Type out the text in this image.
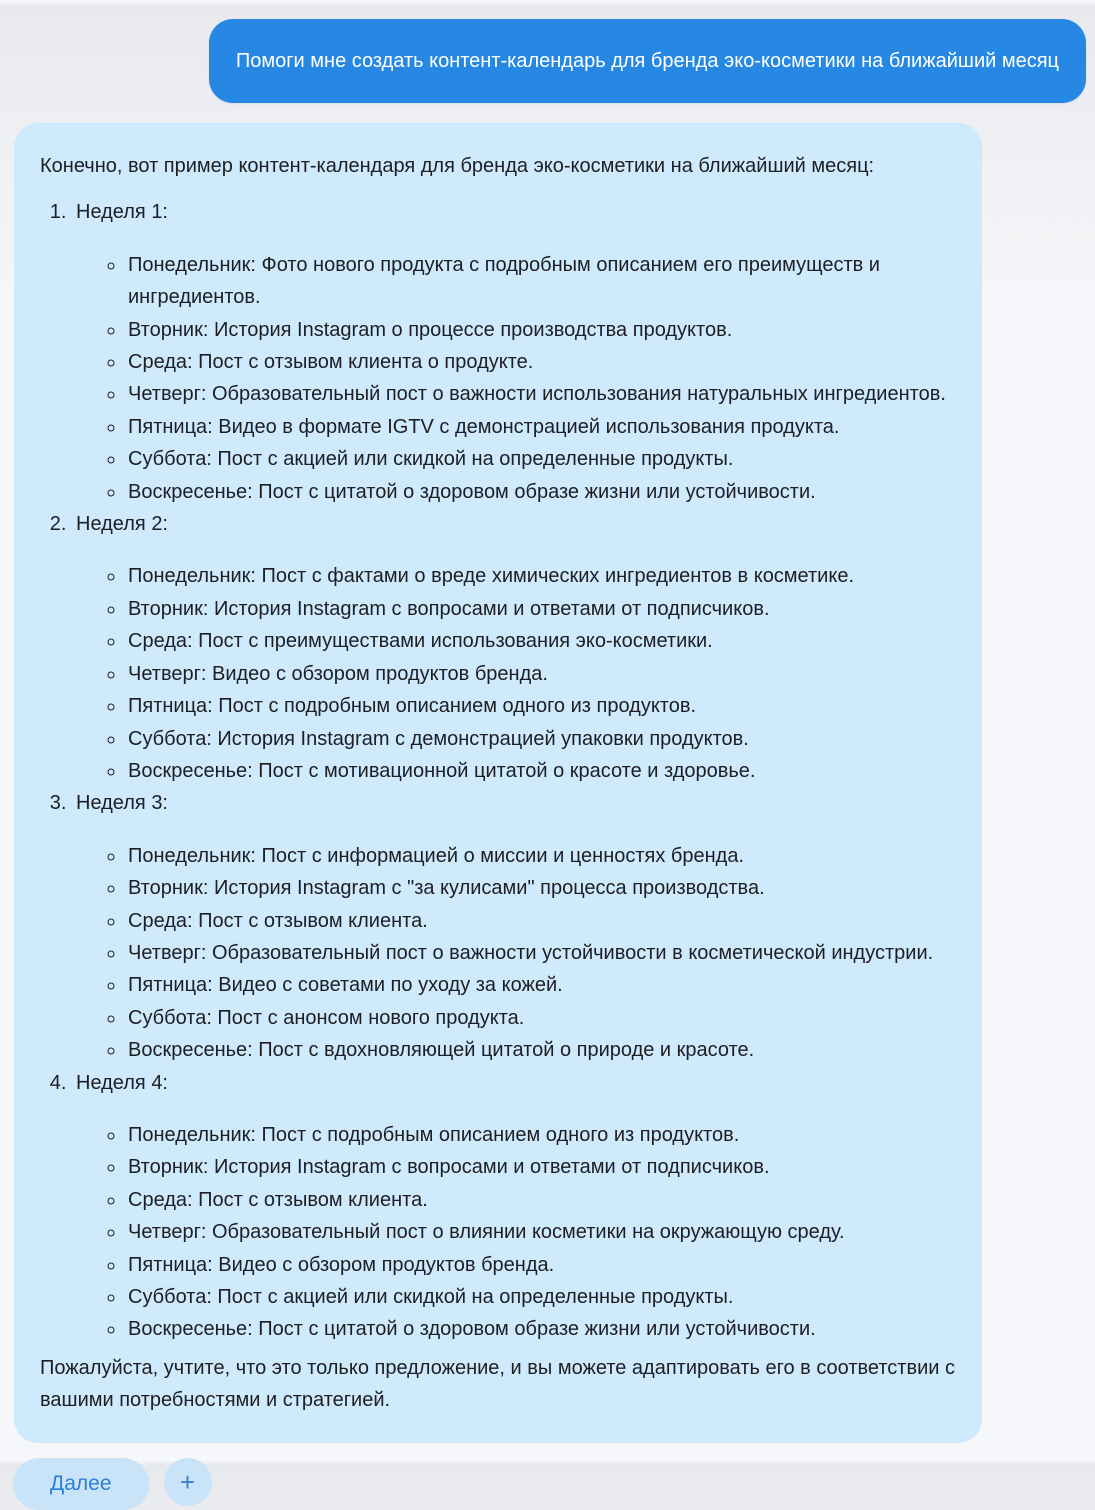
Помоги мне создать контент-календарь для бренда эко-косметики на ближайший месяц

Конечно, вот пример контент-календаря для бренда эко-косметики на ближайший месяц:

1. Неделя 1:
◦ Понедельник: Фото нового продукта с подробным описанием его преимуществ и ингредиентов.
◦ Вторник: История Instagram о процессе производства продуктов.
◦ Среда: Пост с отзывом клиента о продукте.
◦ Четверг: Образовательный пост о важности использования натуральных ингредиентов.
◦ Пятница: Видео в формате IGTV с демонстрацией использования продукта.
◦ Суббота: Пост с акцией или скидкой на определенные продукты.
◦ Воскресенье: Пост с цитатой о здоровом образе жизни или устойчивости.
2. Неделя 2:
◦ Понедельник: Пост с фактами о вреде химических ингредиентов в косметике.
◦ Вторник: История Instagram с вопросами и ответами от подписчиков.
◦ Среда: Пост с преимуществами использования эко-косметики.
◦ Четверг: Видео с обзором продуктов бренда.
◦ Пятница: Пост с подробным описанием одного из продуктов.
◦ Суббота: История Instagram с демонстрацией упаковки продуктов.
◦ Воскресенье: Пост с мотивационной цитатой о красоте и здоровье.
3. Неделя 3:
◦ Понедельник: Пост с информацией о миссии и ценностях бренда.
◦ Вторник: История Instagram с "за кулисами" процесса производства.
◦ Среда: Пост с отзывом клиента.
◦ Четверг: Образовательный пост о важности устойчивости в косметической индустрии.
◦ Пятница: Видео с советами по уходу за кожей.
◦ Суббота: Пост с анонсом нового продукта.
◦ Воскресенье: Пост с вдохновляющей цитатой о природе и красоте.
4. Неделя 4:
◦ Понедельник: Пост с подробным описанием одного из продуктов.
◦ Вторник: История Instagram с вопросами и ответами от подписчиков.
◦ Среда: Пост с отзывом клиента.
◦ Четверг: Образовательный пост о влиянии косметики на окружающую среду.
◦ Пятница: Видео с обзором продуктов бренда.
◦ Суббота: Пост с акцией или скидкой на определенные продукты.
◦ Воскресенье: Пост с цитатой о здоровом образе жизни или устойчивости.

Пожалуйста, учтите, что это только предложение, и вы можете адаптировать его в соответствии с вашими потребностями и стратегией.

Далее	+
